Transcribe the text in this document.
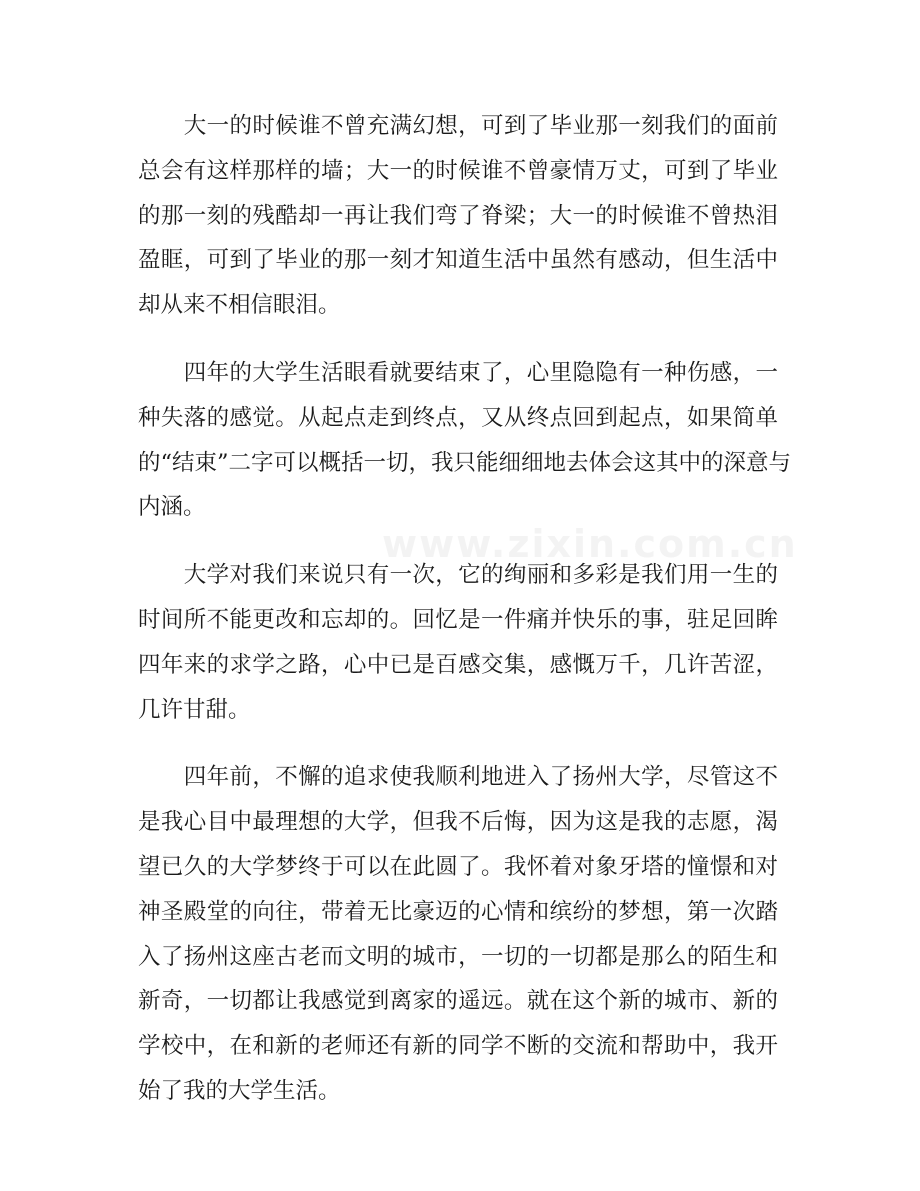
www.zixin.com.cn

　　大一的时候谁不曾充满幻想，可到了毕业那一刻我们的面前
总会有这样那样的墙；大一的时候谁不曾豪情万丈，可到了毕业
的那一刻的残酷却一再让我们弯了脊梁；大一的时候谁不曾热泪
盈眶，可到了毕业的那一刻才知道生活中虽然有感动，但生活中
却从来不相信眼泪。

　　四年的大学生活眼看就要结束了，心里隐隐有一种伤感，一
种失落的感觉。从起点走到终点，又从终点回到起点，如果简单
的“结束”二字可以概括一切，我只能细细地去体会这其中的深意与
内涵。

　　大学对我们来说只有一次，它的绚丽和多彩是我们用一生的
时间所不能更改和忘却的。回忆是一件痛并快乐的事，驻足回眸
四年来的求学之路，心中已是百感交集，感慨万千，几许苦涩，
几许甘甜。

　　四年前，不懈的追求使我顺利地进入了扬州大学，尽管这不
是我心目中最理想的大学，但我不后悔，因为这是我的志愿，渴
望已久的大学梦终于可以在此圆了。我怀着对象牙塔的憧憬和对
神圣殿堂的向往，带着无比豪迈的心情和缤纷的梦想，第一次踏
入了扬州这座古老而文明的城市，一切的一切都是那么的陌生和
新奇，一切都让我感觉到离家的遥远。就在这个新的城市、新的
学校中，在和新的老师还有新的同学不断的交流和帮助中，我开
始了我的大学生活。
